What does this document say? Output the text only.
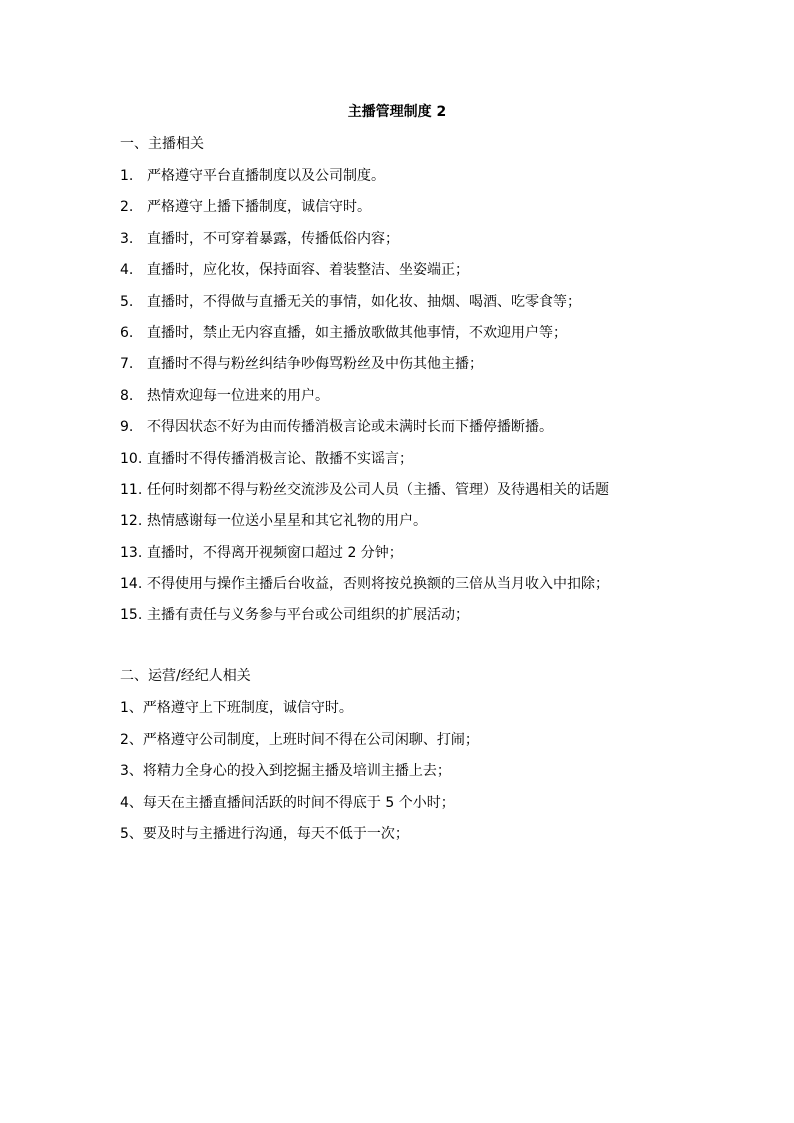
主播管理制度 2
一、主播相关
1. 严格遵守平台直播制度以及公司制度。
2. 严格遵守上播下播制度，诚信守时。
3. 直播时，不可穿着暴露，传播低俗内容；
4. 直播时，应化妆，保持面容、着装整洁、坐姿端正；
5. 直播时，不得做与直播无关的事情，如化妆、抽烟、喝酒、吃零食等；
6. 直播时，禁止无内容直播，如主播放歌做其他事情，不欢迎用户等；
7. 直播时不得与粉丝纠结争吵侮骂粉丝及中伤其他主播；
8. 热情欢迎每一位进来的用户。
9. 不得因状态不好为由而传播消极言论或未满时长而下播停播断播。
10. 直播时不得传播消极言论、散播不实谣言；
11. 任何时刻都不得与粉丝交流涉及公司人员（主播、管理）及待遇相关的话题
12. 热情感谢每一位送小星星和其它礼物的用户。
13. 直播时，不得离开视频窗口超过 2 分钟；
14. 不得使用与操作主播后台收益，否则将按兑换额的三倍从当月收入中扣除；
15. 主播有责任与义务参与平台或公司组织的扩展活动；
二、运营/经纪人相关
1、 严格遵守上下班制度，诚信守时。
2、 严格遵守公司制度，上班时间不得在公司闲聊、打闹；
3、 将精力全身心的投入到挖掘主播及培训主播上去；
4、 每天在主播直播间活跃的时间不得底于 5 个小时；
5、 要及时与主播进行沟通，每天不低于一次；
